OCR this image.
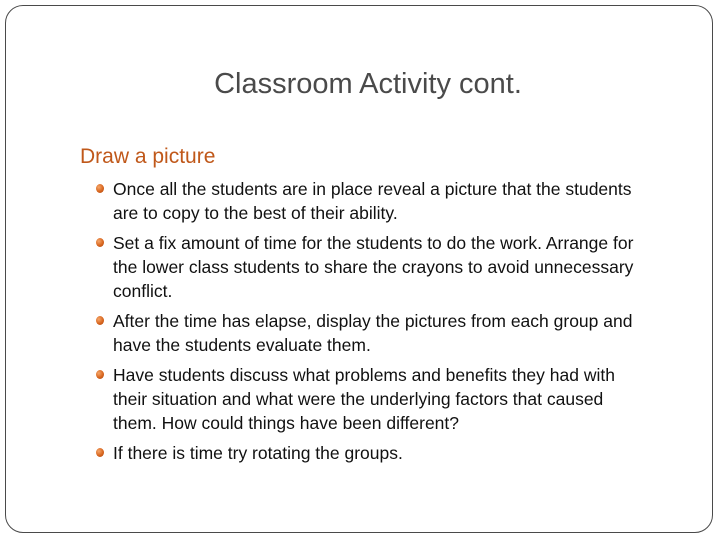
Classroom Activity cont.
Draw a picture
Once all the students are in place reveal a picture that the students are to copy to the best of their ability.
Set a fix amount of time for the students to do the work. Arrange for the lower class students to share the crayons to avoid unnecessary conflict.
After the time has elapse, display the pictures from each group and have the students evaluate them.
Have students discuss what problems and benefits they had with their situation and what were the underlying factors that caused them. How could things have been different?
If there is time try rotating the groups.
